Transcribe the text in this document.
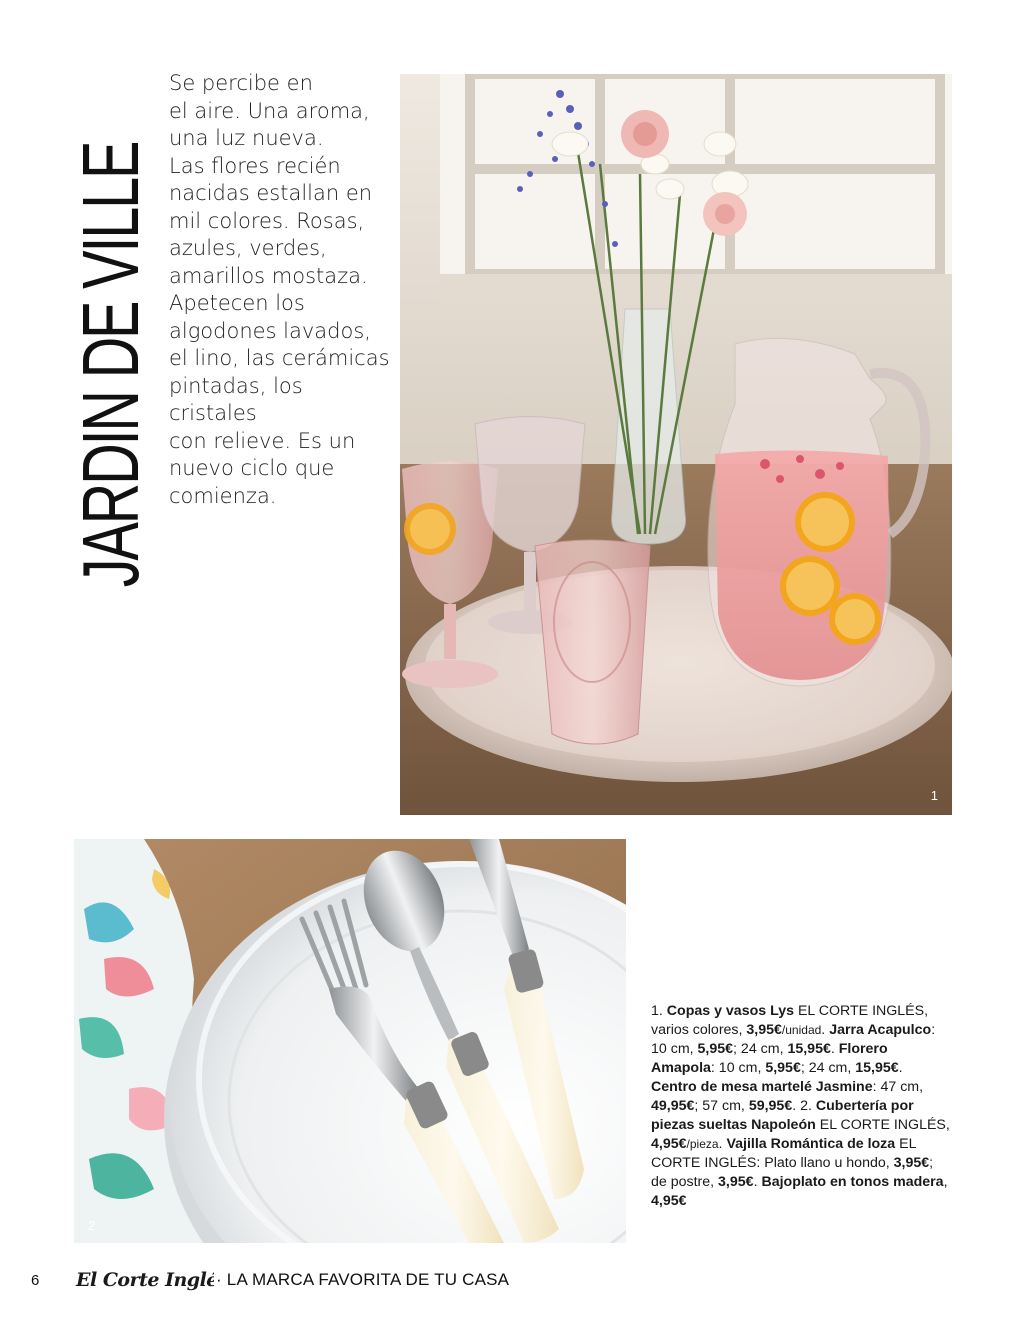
JARDIN DE VILLE
Se percibe en
el aire. Una aroma,
una luz nueva.
Las flores recién
nacidas estallan en
mil colores. Rosas,
azules, verdes,
amarillos mostaza.
Apetecen los
algodones lavados,
el lino, las cerámicas
pintadas, los cristales
con relieve. Es un
nuevo ciclo que
comienza.
1
2
1. Copas y vasos Lys EL CORTE INGLÉS, varios colores, 3,95€/unidad. Jarra Acapulco: 10 cm, 5,95€; 24 cm, 15,95€. Florero Amapola: 10 cm, 5,95€; 24 cm, 15,95€. Centro de mesa martelé Jasmine: 47 cm, 49,95€; 57 cm, 59,95€. 2. Cubertería por piezas sueltas Napoleón EL CORTE INGLÉS, 4,95€/pieza. Vajilla Romántica de loza EL CORTE INGLÉS: Plato llano u hondo, 3,95€; de postre, 3,95€. Bajoplato en tonos madera, 4,95€
6 El Corte Inglés
· LA MARCA FAVORITA DE TU CASA
